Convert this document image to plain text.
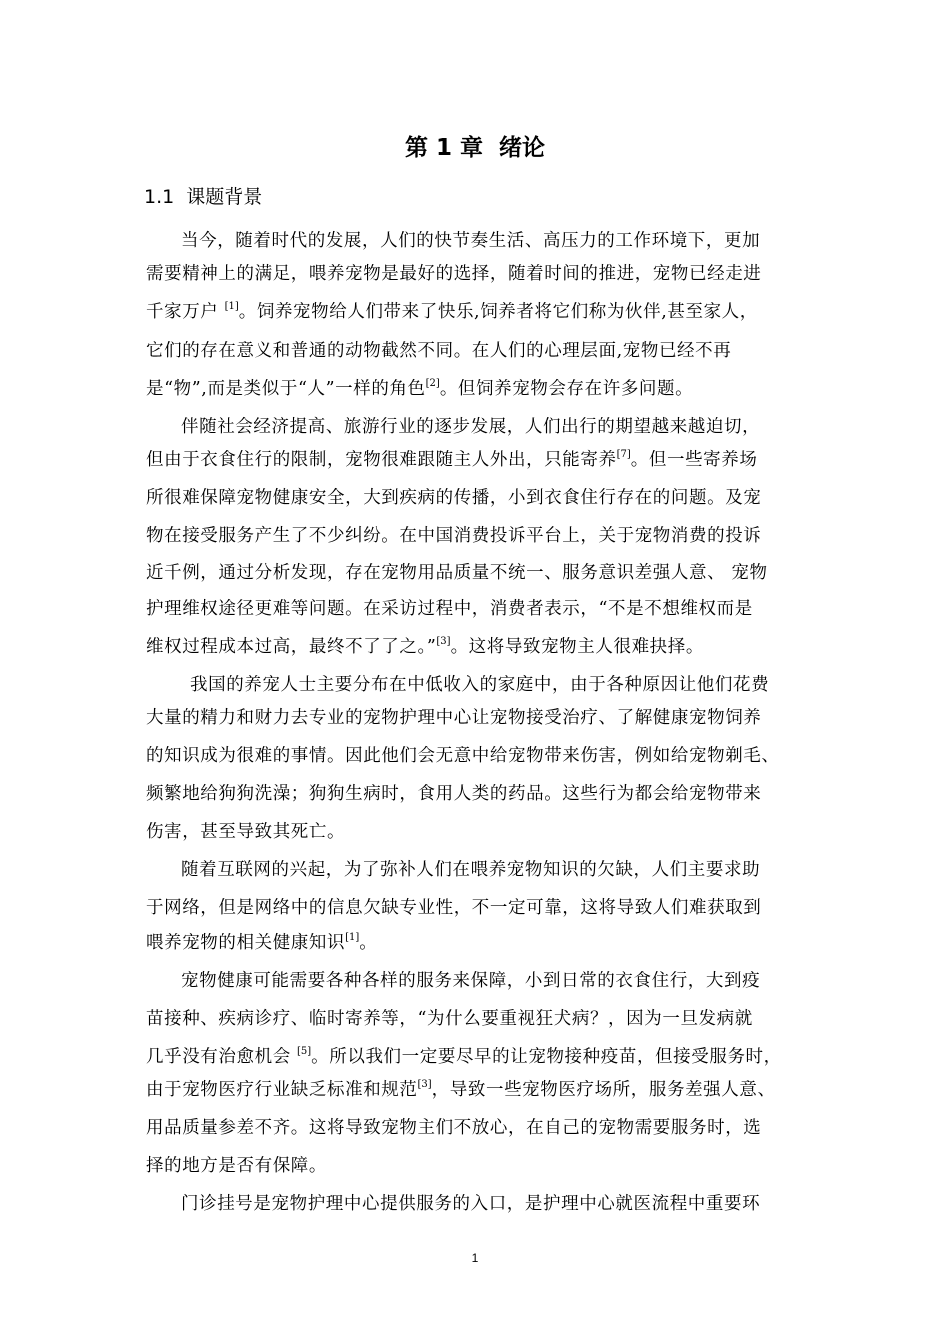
第 1 章  绪论
1.1  课题背景
当今，随着时代的发展，人们的快节奏生活、高压力的工作环境下，更加
需要精神上的满足，喂养宠物是最好的选择，随着时间的推进，宠物已经走进
千家万户 [1]。饲养宠物给人们带来了快乐,饲养者将它们称为伙伴,甚至家人，
它们的存在意义和普通的动物截然不同。在人们的心理层面,宠物已经不再
是“物”,而是类似于“人”一样的角色[2]。但饲养宠物会存在许多问题。
伴随社会经济提高、旅游行业的逐步发展，人们出行的期望越来越迫切，
但由于衣食住行的限制，宠物很难跟随主人外出，只能寄养[7]。但一些寄养场
所很难保障宠物健康安全，大到疾病的传播，小到衣食住行存在的问题。及宠
物在接受服务产生了不少纠纷。在中国消费投诉平台上，关于宠物消费的投诉
近千例，通过分析发现，存在宠物用品质量不统一、服务意识差强人意、 宠物
护理维权途径更难等问题。在采访过程中，消费者表示，“不是不想维权而是
维权过程成本过高，最终不了了之。”[3]。这将导致宠物主人很难抉择。
我国的养宠人士主要分布在中低收入的家庭中，由于各种原因让他们花费
大量的精力和财力去专业的宠物护理中心让宠物接受治疗、了解健康宠物饲养
的知识成为很难的事情。因此他们会无意中给宠物带来伤害，例如给宠物剃毛、
频繁地给狗狗洗澡；狗狗生病时，食用人类的药品。这些行为都会给宠物带来
伤害，甚至导致其死亡。
随着互联网的兴起，为了弥补人们在喂养宠物知识的欠缺，人们主要求助
于网络，但是网络中的信息欠缺专业性，不一定可靠，这将导致人们难获取到
喂养宠物的相关健康知识[1]。
宠物健康可能需要各种各样的服务来保障，小到日常的衣食住行，大到疫
苗接种、疾病诊疗、临时寄养等，“为什么要重视狂犬病？，因为一旦发病就
几乎没有治愈机会 [5]。所以我们一定要尽早的让宠物接种疫苗，但接受服务时，
由于宠物医疗行业缺乏标准和规范[3]，导致一些宠物医疗场所，服务差强人意、
用品质量参差不齐。这将导致宠物主们不放心，在自己的宠物需要服务时，选
择的地方是否有保障。
门诊挂号是宠物护理中心提供服务的入口，是护理中心就医流程中重要环
1
